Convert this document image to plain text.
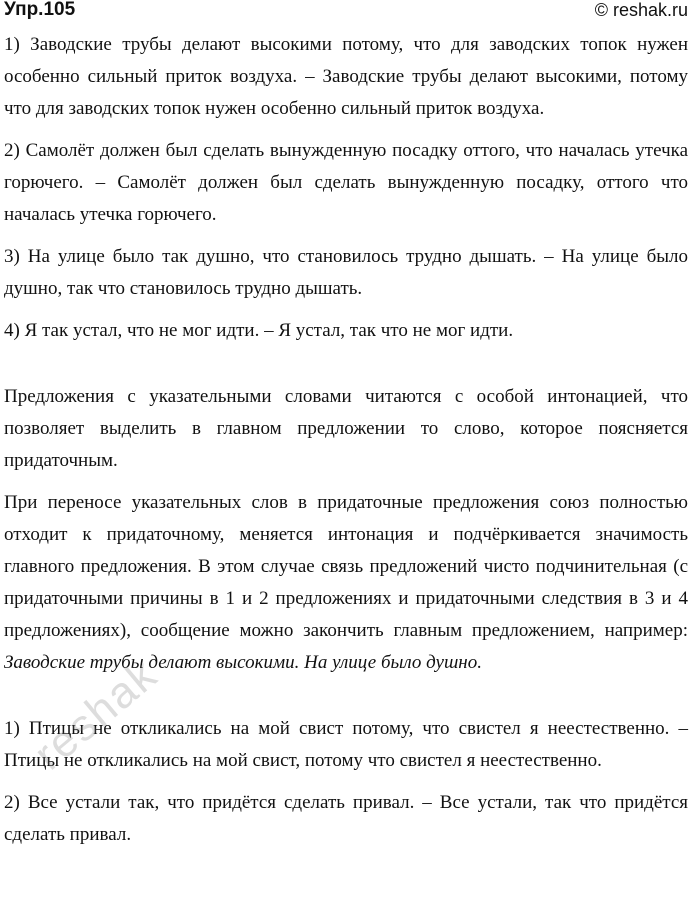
Упр.105	© reshak.ru

1) Заводские трубы делают высокими потому, что для заводских топок нужен особенно сильный приток воздуха. – Заводские трубы делают высокими, потому что для заводских топок нужен особенно сильный приток воздуха.

2) Самолёт должен был сделать вынужденную посадку оттого, что началась утечка горючего. – Самолёт должен был сделать вынужденную посадку, оттого что началась утечка горючего.

3) На улице было так душно, что становилось трудно дышать. – На улице было душно, так что становилось трудно дышать.

4) Я так устал, что не мог идти. – Я устал, так что не мог идти.

Предложения с указательными словами читаются с особой интонацией, что позволяет выделить в главном предложении то слово, которое поясняется придаточным.

При переносе указательных слов в придаточные предложения союз полностью отходит к придаточному, меняется интонация и подчёркивается значимость главного предложения. В этом случае связь предложений чисто подчинительная (с придаточными причины в 1 и 2 предложениях и придаточными следствия в 3 и 4 предложениях), сообщение можно закончить главным предложением, например: Заводские трубы делают высокими. На улице было душно.

1) Птицы не откликались на мой свист потому, что свистел я неестественно. – Птицы не откликались на мой свист, потому что свистел я неестественно.

2) Все устали так, что придётся сделать привал. – Все устали, так что придётся сделать привал.

reshak
